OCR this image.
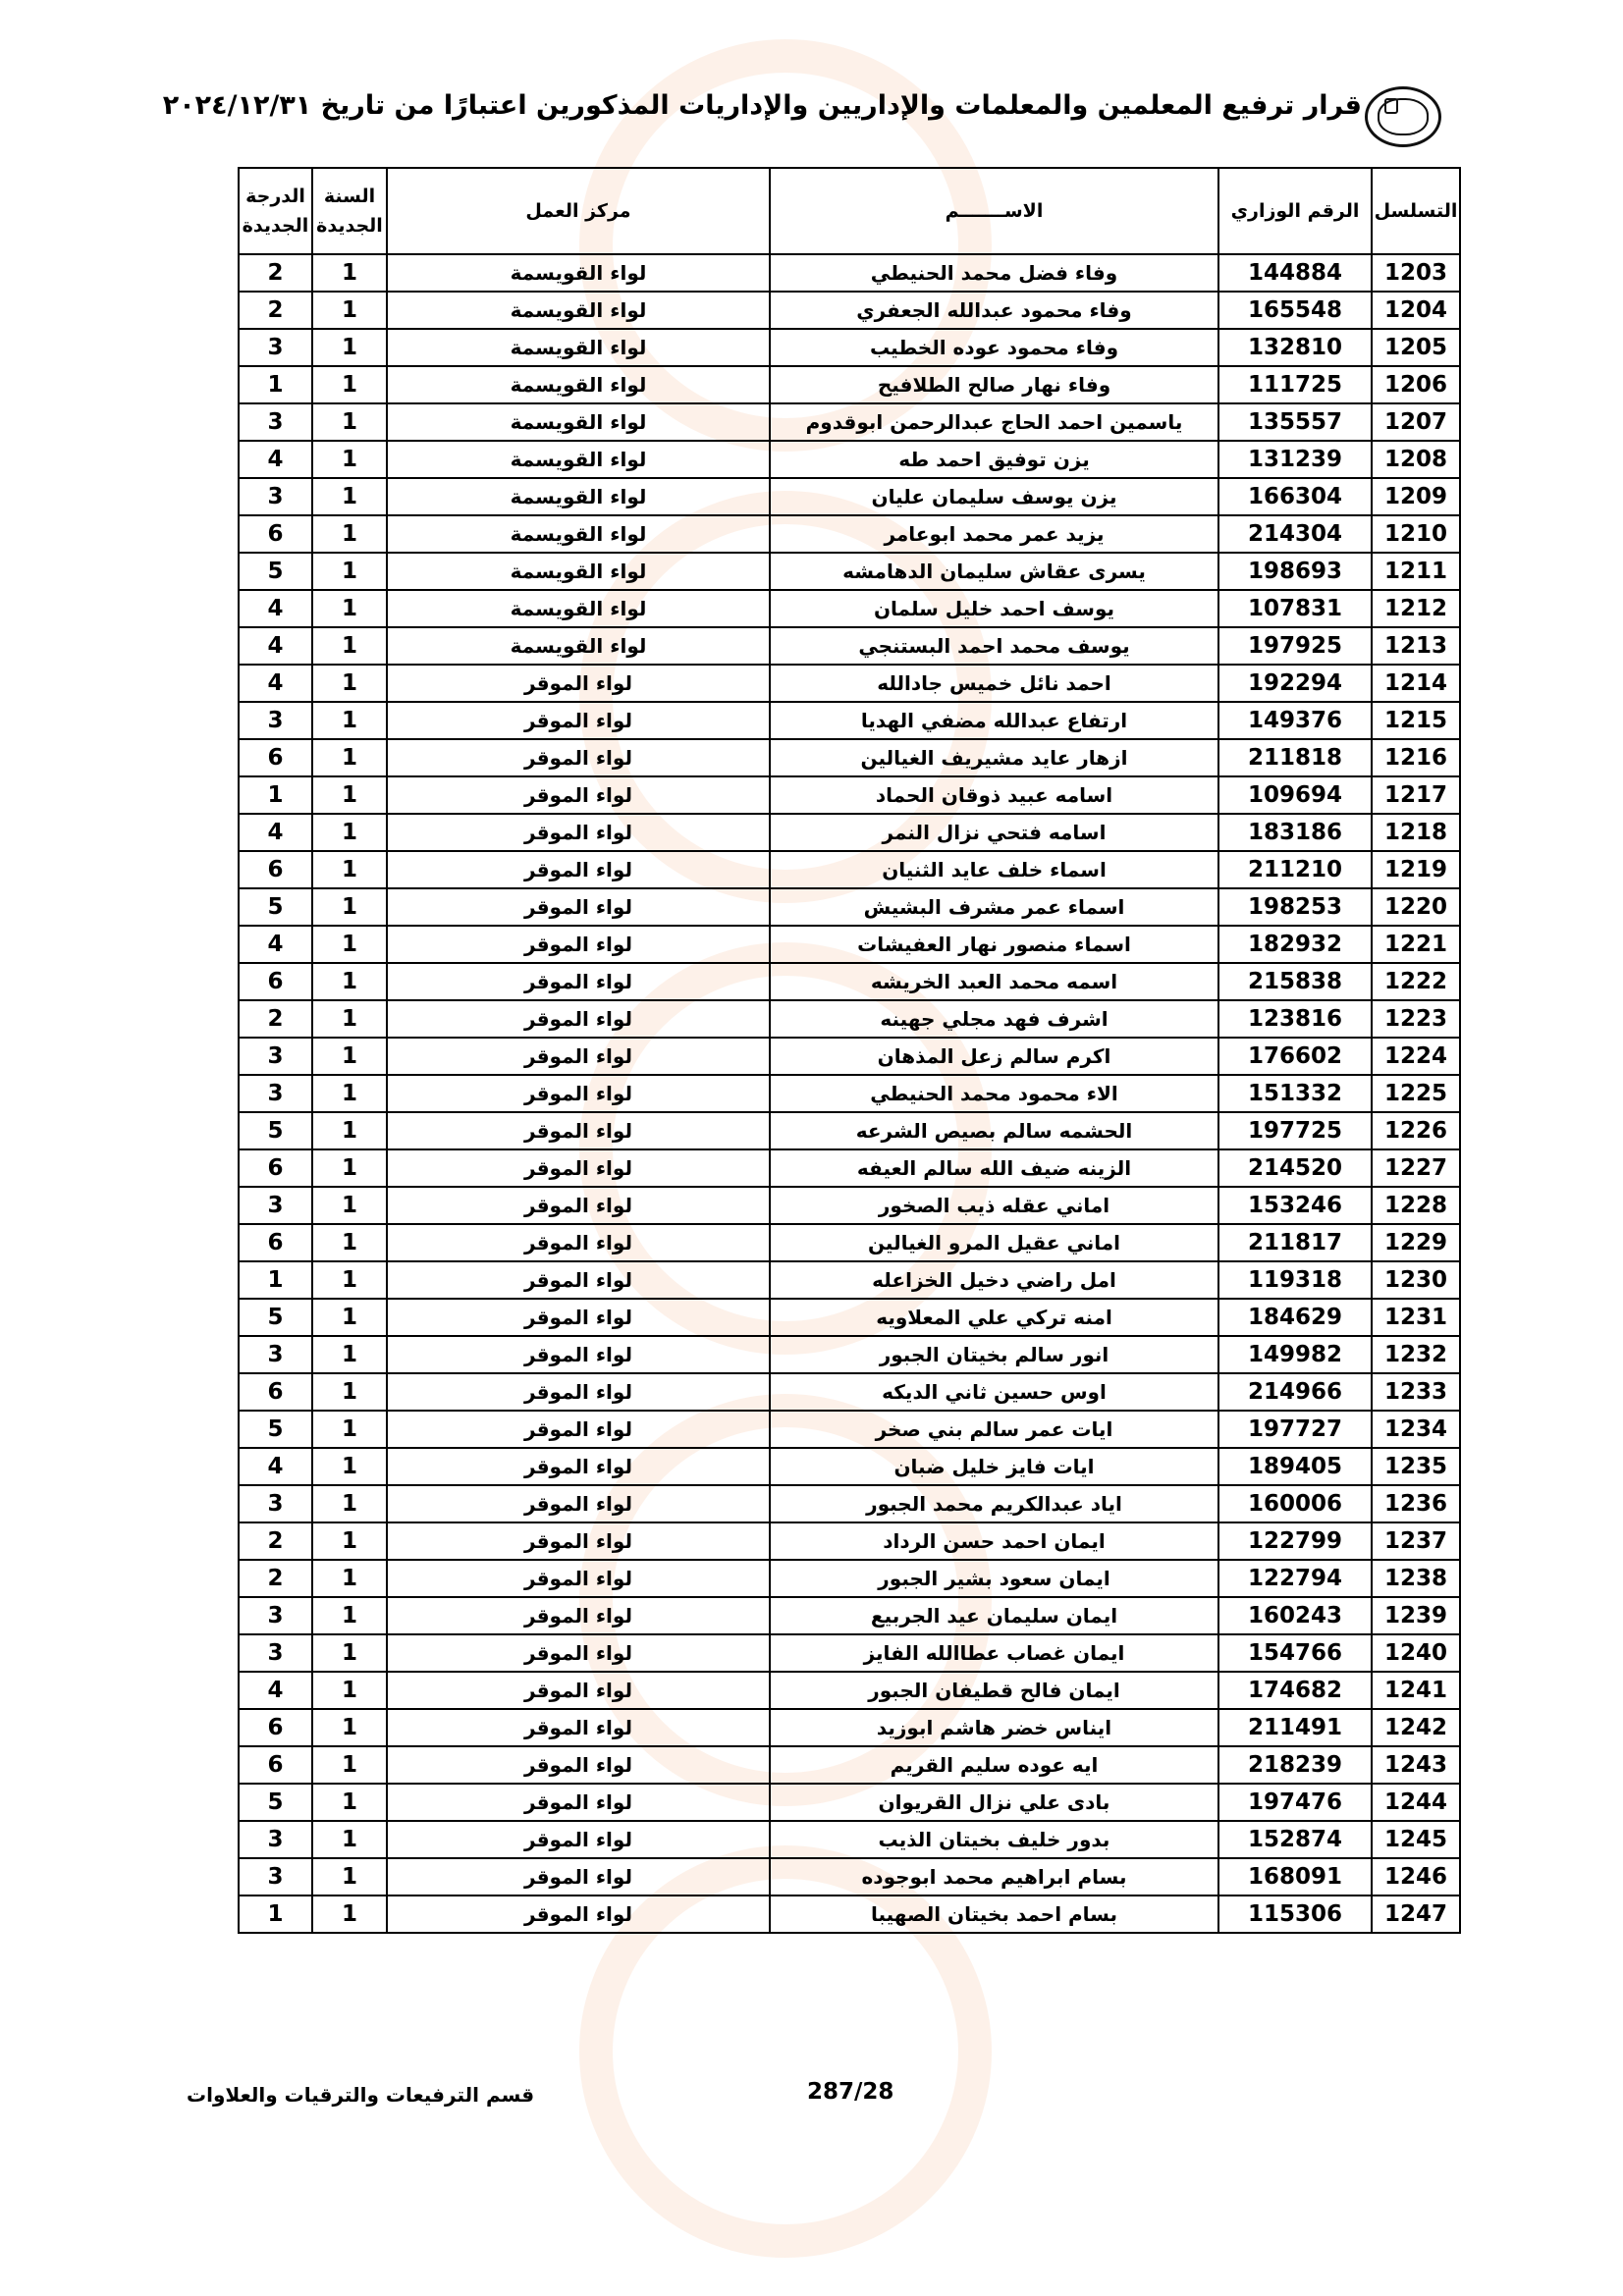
قرار ترفيع المعلمين والمعلمات والإداريين والإداريات المذكورين اعتبارًا من تاريخ ٢٠٢٤/١٢/٣١
التسلسل	الرقم الوزاري	الاســـــــم	مركز العمل	السنة الجديدة	الدرجة الجديدة
1203	144884	وفاء فضل محمد الحنيطي	لواء القويسمة	1	2
1204	165548	وفاء محمود عبدالله الجعفري	لواء القويسمة	1	2
1205	132810	وفاء محمود عوده الخطيب	لواء القويسمة	1	3
1206	111725	وفاء نهار صالح الطلافيح	لواء القويسمة	1	1
1207	135557	ياسمين احمد الحاج عبدالرحمن ابوقدوم	لواء القويسمة	1	3
1208	131239	يزن توفيق احمد طه	لواء القويسمة	1	4
1209	166304	يزن يوسف سليمان عليان	لواء القويسمة	1	3
1210	214304	يزيد عمر محمد ابوعامر	لواء القويسمة	1	6
1211	198693	يسرى عقاش سليمان الدهامشه	لواء القويسمة	1	5
1212	107831	يوسف احمد خليل سلمان	لواء القويسمة	1	4
1213	197925	يوسف محمد احمد البستنجي	لواء القويسمة	1	4
1214	192294	احمد نائل خميس جادالله	لواء الموقر	1	4
1215	149376	ارتفاع عبدالله مضفي الهديا	لواء الموقر	1	3
1216	211818	ازهار عايد مشيريف الغيالين	لواء الموقر	1	6
1217	109694	اسامه عبيد ذوقان الحماد	لواء الموقر	1	1
1218	183186	اسامه فتحي نزال النمر	لواء الموقر	1	4
1219	211210	اسماء خلف عايد الثنيان	لواء الموقر	1	6
1220	198253	اسماء عمر مشرف البشيش	لواء الموقر	1	5
1221	182932	اسماء منصور نهار العفيشات	لواء الموقر	1	4
1222	215838	اسمه محمد العبد الخريشه	لواء الموقر	1	6
1223	123816	اشرف فهد مجلي جهينه	لواء الموقر	1	2
1224	176602	اكرم سالم زعل المذهان	لواء الموقر	1	3
1225	151332	الاء محمود محمد الحنيطي	لواء الموقر	1	3
1226	197725	الحشمه سالم بصيص الشرعه	لواء الموقر	1	5
1227	214520	الزينه ضيف الله سالم العيفه	لواء الموقر	1	6
1228	153246	اماني عقله ذيب الصخور	لواء الموقر	1	3
1229	211817	اماني عقيل المرو الغيالين	لواء الموقر	1	6
1230	119318	امل راضي دخيل الخزاعله	لواء الموقر	1	1
1231	184629	امنه تركي علي المعلاويه	لواء الموقر	1	5
1232	149982	انور سالم بخيتان الجبور	لواء الموقر	1	3
1233	214966	اوس حسين ثاني الديكه	لواء الموقر	1	6
1234	197727	ايات عمر سالم بني صخر	لواء الموقر	1	5
1235	189405	ايات فايز خليل ضبان	لواء الموقر	1	4
1236	160006	اياد عبدالكريم محمد الجبور	لواء الموقر	1	3
1237	122799	ايمان احمد حسن الرداد	لواء الموقر	1	2
1238	122794	ايمان سعود بشير الجبور	لواء الموقر	1	2
1239	160243	ايمان سليمان عيد الجربيع	لواء الموقر	1	3
1240	154766	ايمان غصاب عطاالله الفايز	لواء الموقر	1	3
1241	174682	ايمان فالح قطيفان الجبور	لواء الموقر	1	4
1242	211491	ايناس خضر هاشم ابوزيد	لواء الموقر	1	6
1243	218239	ايه عوده سليم القريم	لواء الموقر	1	6
1244	197476	بادى علي نزال القريوان	لواء الموقر	1	5
1245	152874	بدور خليف بخيتان الذيب	لواء الموقر	1	3
1246	168091	بسام ابراهيم محمد ابوجوده	لواء الموقر	1	3
1247	115306	بسام احمد بخيتان الصهيبا	لواء الموقر	1	1
قسم الترفيعات والترقيات والعلاوات	287/28
